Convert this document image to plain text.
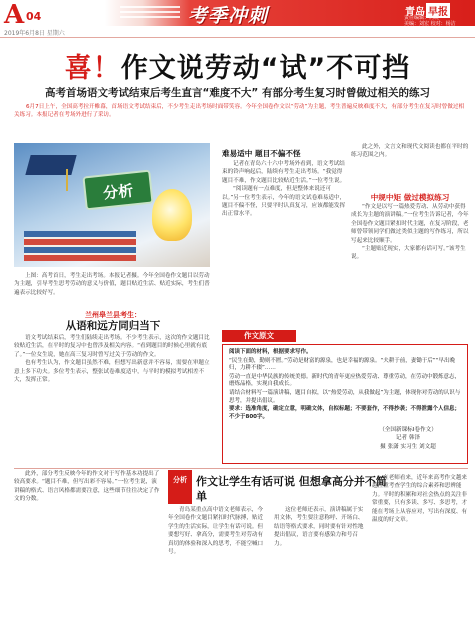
A 04
2019年6月8日 星期六
考季冲刺	青岛 早报
责任编辑：何晓
美编：刘宏 校对：杨洁
喜！作文说劳动“试”不可挡
高考首场语文考试结束后考生直言“难度不大” 有部分考生复习时曾做过相关的练习
6月7日上午，全国高考拉开帷幕，首场语文考试结束后，不少考生走出考场时面带笑容。今年全国卷作文以“劳动”为主题，考生普遍反映难度不大，有部分考生在复习时曾做过相关练习。本报记者在考场外进行了采访。
分析
难易适中 题目不偏不怪

记者在青岛六十六中考场外看到，语文考试结束的铃声响起后，陆续有考生走出考场。“我觉得题目不难，作文题目比较贴近生活。”一位考生说。

“阅读题有一点难度，但是整体来说还可以。”另一位考生表示，今年的语文试卷难易适中，题目不偏不怪，只要平时认真复习，应该都能发挥出正常水平。

此之外，文言文和现代文阅读也都在平时的练习范围之内。

中规中矩 做过模拟练习

“作文是以写一篇热爱劳动、从劳动中获得成长为主题的演讲稿。”一位考生告诉记者，今年全国卷作文题目紧扣时代主题，在复习阶段，老师曾带领同学们做过类似主题的写作练习，所以写起来比较顺手。

“主题贴近现实，大家都有话可写。”该考生说。

上图：高考首日，考生走出考场。本报记者摄。今年全国卷作文题目以劳动为主题，引导考生思考劳动的意义与价值，题目贴近生活、贴近实际，考生们普遍表示比较好写。

兰州皋兰县考生：
从语和远方同归当下

语文考试结束后，考生们陆续走出考场。不少考生表示，这次的作文题目比较贴近生活，在平时的复习中也曾涉及相关内容。“看到题目的时候心里就有底了。”一位女生说，她在高三复习时曾写过关于劳动的作文。

也有考生认为，作文题目虽然不难，但想写出新意并不容易，需要在审题立意上多下功夫。多位考生表示，整张试卷难度适中，与平时的模拟考试相差不大，发挥正常。

作文原文

阅读下面的材料，根据要求写作。

“民生在勤，勤则不匮。”劳动是财富的源泉，也是幸福的源泉。“夫耕于前，妻锄于后”“早出晚归，力耕不辍”……

劳动一直是中华民族的传统美德。新时代的青年更应热爱劳动、尊重劳动，在劳动中锻炼意志，磨炼品格，实现自我成长。

请结合材料写一篇演讲稿，题目自拟，以“热爱劳动，从我做起”为主题，体现你对劳动的认识与思考，并提出倡议。

要求：选准角度，确定立意，明确文体，自拟标题；不要套作，不得抄袭；不得泄露个人信息；不少于800字。

（全国新课标Ⅰ卷作文）
记者 韩泽
摄 张潇 实习生 刘文超

此外，部分考生反映今年的作文对于写作基本功提出了较高要求。“题目不难，但写出彩不容易。”一位考生说，演讲稿的格式、语言风格都需要注意，这些细节往往决定了作文的分数。

分析 作文让学生有话可说 但想拿高分并不简单

青岛某重点高中语文老师表示，今年全国卷作文题目紧扣时代脉搏，贴近学生的生活实际，让学生有话可说。但要想写好、拿高分，需要考生对劳动有真切的体验和深入的思考，不能空喊口号。

这位老师还表示，演讲稿属于实用文体，考生要注意称呼、开场白、结语等格式要求，同时要有针对性地提出倡议，语言要有感染力和号召力。

在老师看来，近年来高考作文越来越注重考查学生的综合素养和思辨能力。平时的积累和对社会热点的关注非常重要，只有多读、多写、多思考，才能在考场上从容应对，写出有深度、有温度的好文章。
